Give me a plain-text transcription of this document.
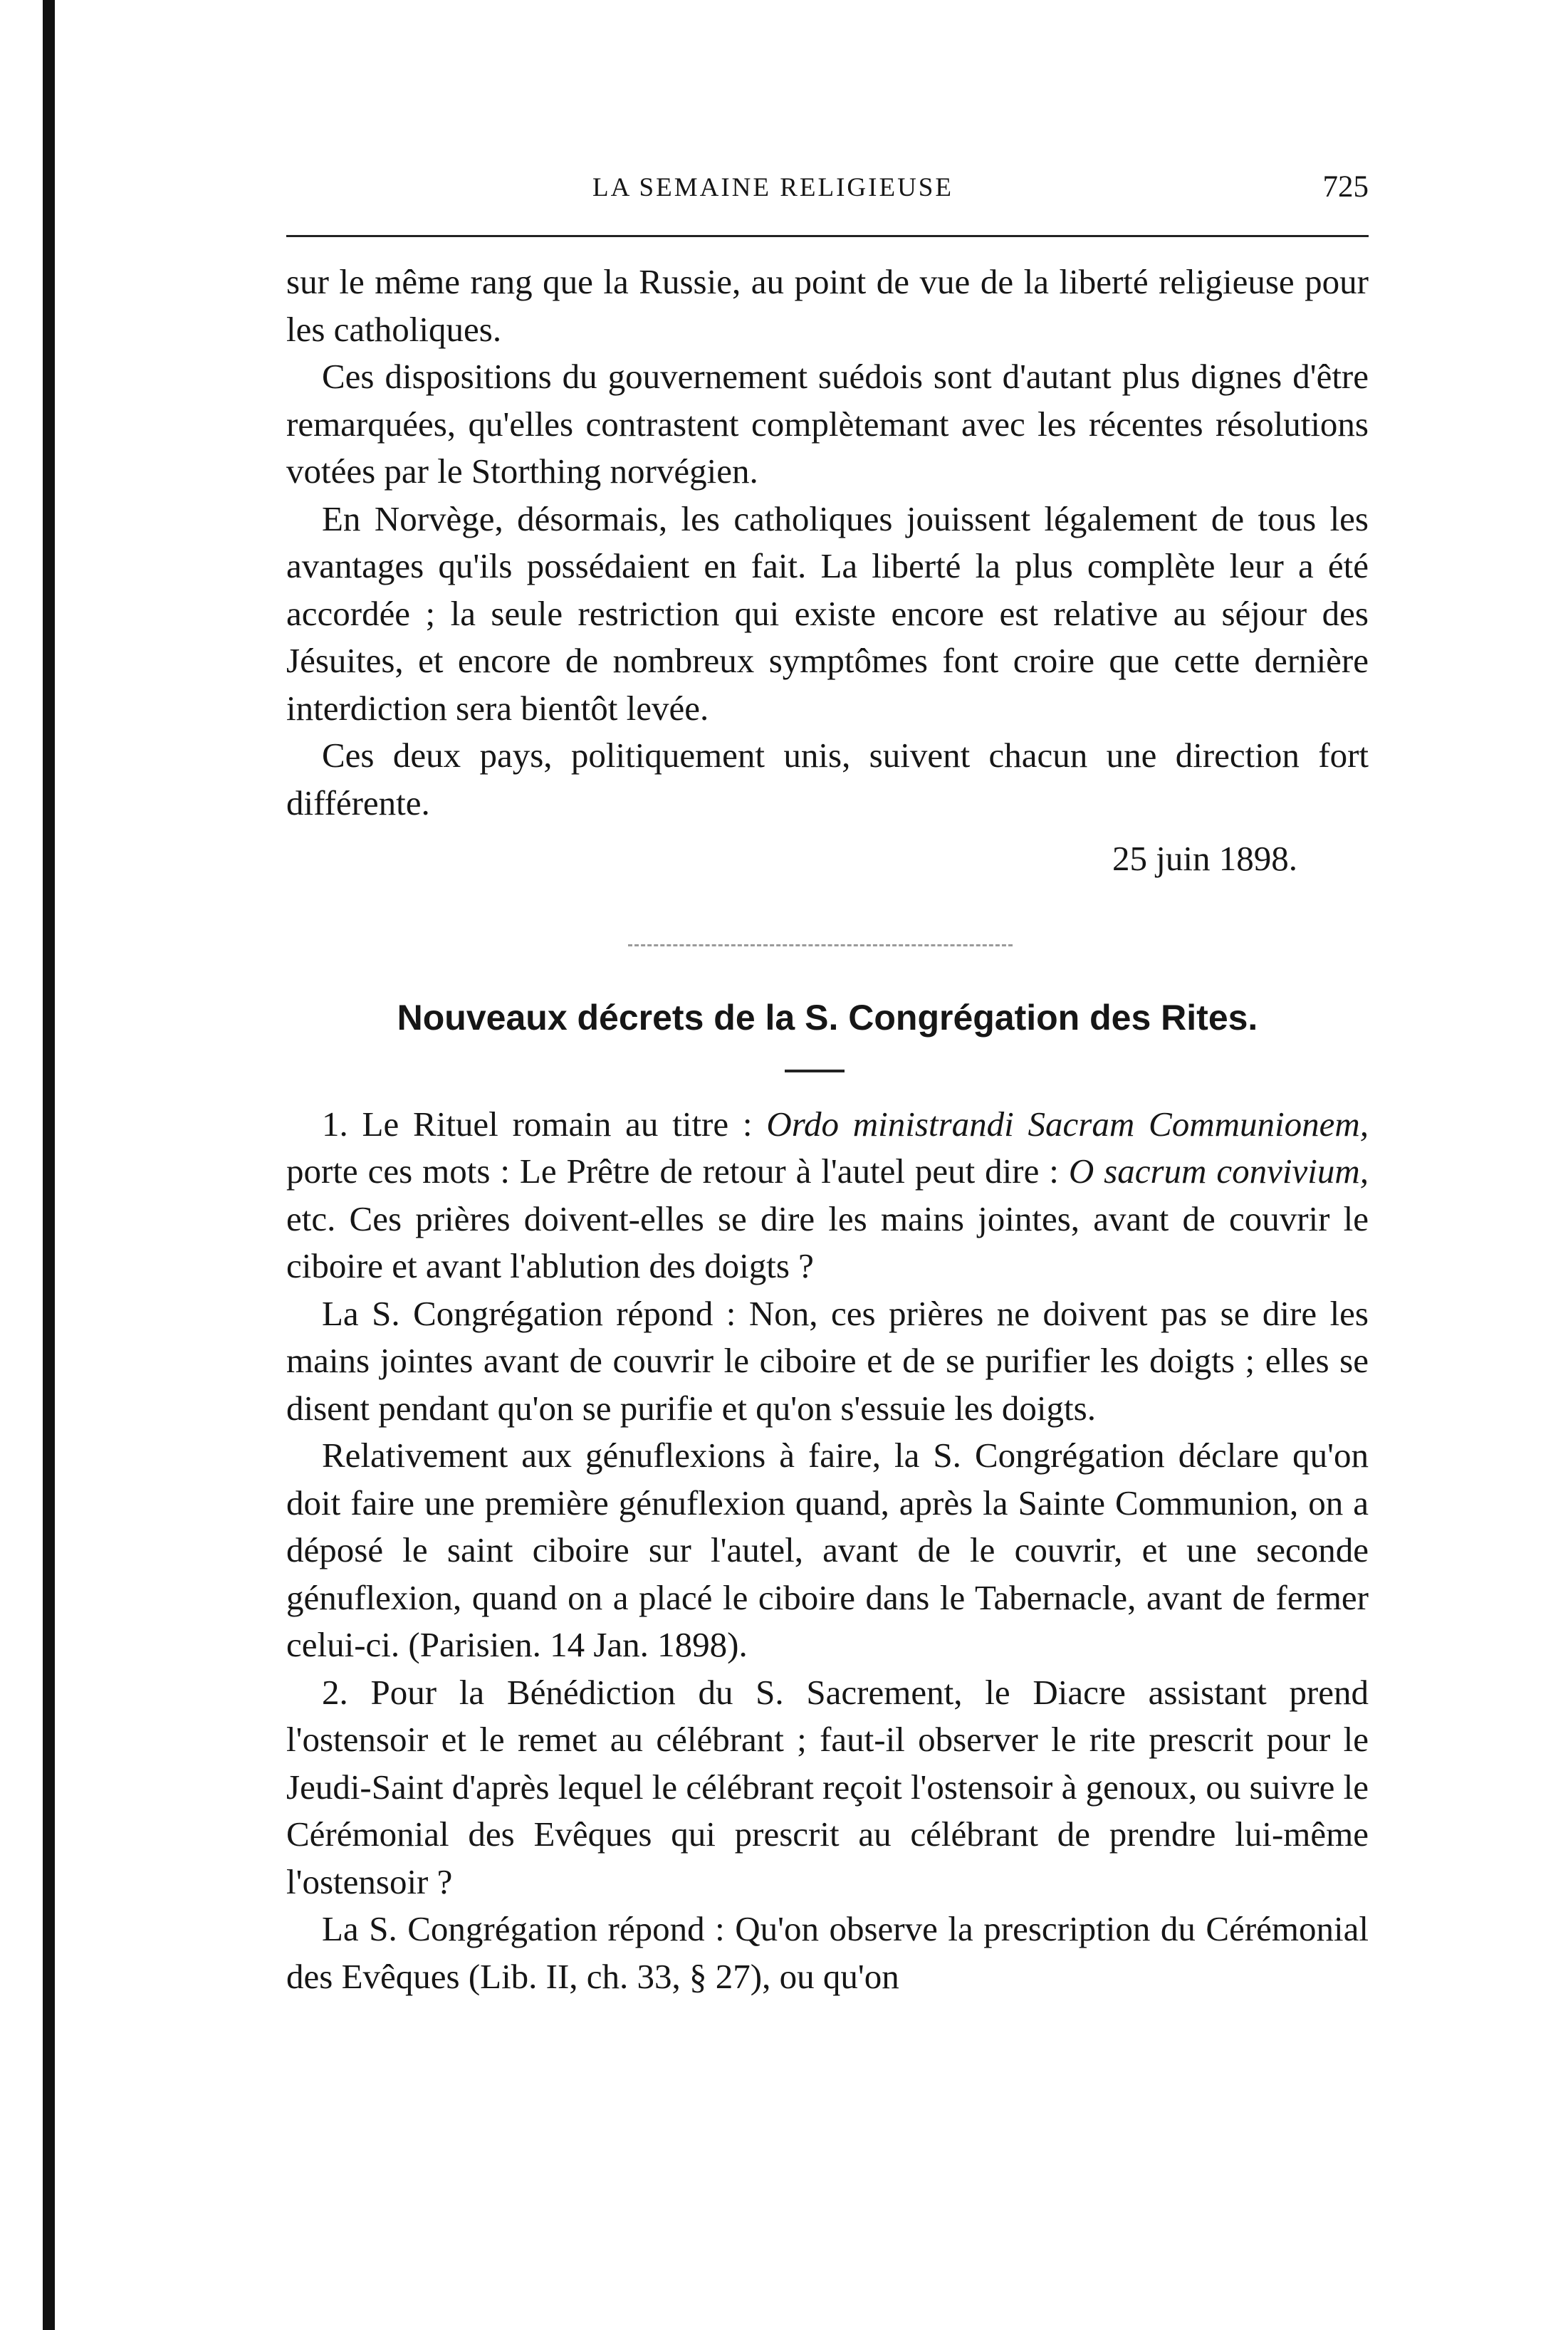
LA SEMAINE RELIGIEUSE	725

sur le même rang que la Russie, au point de vue de la liberté religieuse pour les catholiques.

Ces dispositions du gouvernement suédois sont d'autant plus dignes d'être remarquées, qu'elles contrastent complètemant avec les récentes résolutions votées par le Storthing norvégien.

En Norvège, désormais, les catholiques jouissent légalement de tous les avantages qu'ils possédaient en fait. La liberté la plus complète leur a été accordée ; la seule restriction qui existe encore est relative au séjour des Jésuites, et encore de nombreux symptômes font croire que cette dernière interdiction sera bientôt levée.

Ces deux pays, politiquement unis, suivent chacun une direction fort différente.

25 juin 1898.

Nouveaux décrets de la S. Congrégation des Rites.

1. Le Rituel romain au titre : Ordo ministrandi Sacram Communionem, porte ces mots : Le Prêtre de retour à l'autel peut dire : O sacrum convivium, etc. Ces prières doivent-elles se dire les mains jointes, avant de couvrir le ciboire et avant l'ablution des doigts ?

La S. Congrégation répond : Non, ces prières ne doivent pas se dire les mains jointes avant de couvrir le ciboire et de se purifier les doigts ; elles se disent pendant qu'on se purifie et qu'on s'essuie les doigts.

Relativement aux génuflexions à faire, la S. Congrégation déclare qu'on doit faire une première génuflexion quand, après la Sainte Communion, on a déposé le saint ciboire sur l'autel, avant de le couvrir, et une seconde génuflexion, quand on a placé le ciboire dans le Tabernacle, avant de fermer celui-ci. (Parisien. 14 Jan. 1898).

2. Pour la Bénédiction du S. Sacrement, le Diacre assistant prend l'ostensoir et le remet au célébrant ; faut-il observer le rite prescrit pour le Jeudi-Saint d'après lequel le célébrant reçoit l'ostensoir à genoux, ou suivre le Cérémonial des Evêques qui prescrit au célébrant de prendre lui-même l'ostensoir ?

La S. Congrégation répond : Qu'on observe la prescription du Cérémonial des Evêques (Lib. II, ch. 33, § 27), ou qu'on
